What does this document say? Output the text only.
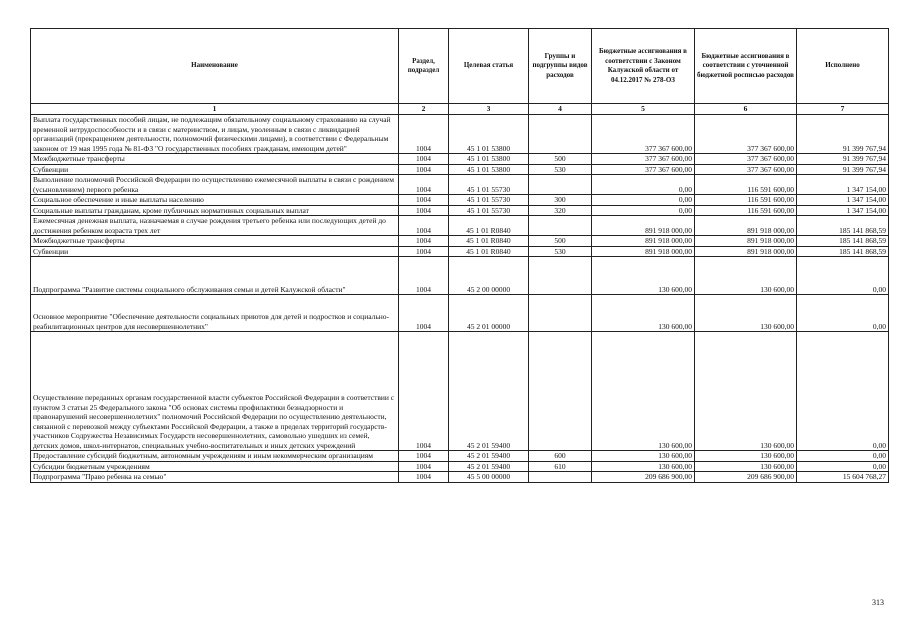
Наименование	Раздел, подраздел	Целевая статья	Группы и подгруппы видов расходов	Бюджетные ассигнования в соответствии с Законом Калужской области от 04.12.2017 № 278-ОЗ	Бюджетные ассигнования в соответствии с уточненной бюджетной росписью расходов	Исполнено
1	2	3	4	5	6	7
Выплата государственных пособий лицам, не подлежащим обязательному социальному страхованию на случай временной нетрудоспособности и в связи с материнством, и лицам, уволенным в связи с ликвидацией организаций (прекращением деятельности, полномочий физическими лицами), в соответствии с Федеральным законом от 19 мая 1995 года № 81-ФЗ "О государственных пособиях гражданам, имеющим детей"	1004	45 1 01 53800		377 367 600,00	377 367 600,00	91 399 767,94
Межбюджетные трансферты	1004	45 1 01 53800	500	377 367 600,00	377 367 600,00	91 399 767,94
Субвенции	1004	45 1 01 53800	530	377 367 600,00	377 367 600,00	91 399 767,94
Выполнение полномочий Российской Федерации по осуществлению ежемесячной выплаты в связи с рождением (усыновлением) первого ребенка	1004	45 1 01 55730		0,00	116 591 600,00	1 347 154,00
Социальное обеспечение и иные выплаты населению	1004	45 1 01 55730	300	0,00	116 591 600,00	1 347 154,00
Социальные выплаты гражданам, кроме публичных нормативных социальных выплат	1004	45 1 01 55730	320	0,00	116 591 600,00	1 347 154,00
Ежемесячная денежная выплата, назначаемая в случае рождения третьего ребенка или последующих детей до достижения ребенком возраста трех лет	1004	45 1 01 R0840		891 918 000,00	891 918 000,00	185 141 868,59
Межбюджетные трансферты	1004	45 1 01 R0840	500	891 918 000,00	891 918 000,00	185 141 868,59
Субвенции	1004	45 1 01 R0840	530	891 918 000,00	891 918 000,00	185 141 868,59
Подпрограмма "Развитие системы социального обслуживания семьи и детей Калужской области"	1004	45 2 00 00000		130 600,00	130 600,00	0,00
Основное мероприятие "Обеспечение деятельности социальных приютов для детей и подростков и социально-реабилитационных центров для несовершеннолетних"	1004	45 2 01 00000		130 600,00	130 600,00	0,00
Осуществление переданных органам государственной власти субъектов Российской Федерации в соответствии с пунктом 3 статьи 25 Федерального закона "Об основах системы профилактики безнадзорности и правонарушений несовершеннолетних" полномочий Российской Федерации по осуществлению деятельности, связанной с перевозкой между субъектами Российской Федерации, а также в пределах территорий государств-участников Содружества Независимых Государств несовершеннолетних, самовольно ушедших из семей, детских домов, школ-интернатов, специальных учебно-воспитательных и иных детских учреждений	1004	45 2 01 59400		130 600,00	130 600,00	0,00
Предоставление субсидий бюджетным, автономным учреждениям и иным некоммерческим организациям	1004	45 2 01 59400	600	130 600,00	130 600,00	0,00
Субсидии бюджетным учреждениям	1004	45 2 01 59400	610	130 600,00	130 600,00	0,00
Подпрограмма "Право ребенка на семью"	1004	45 5 00 00000		209 686 900,00	209 686 900,00	15 604 768,27
313
